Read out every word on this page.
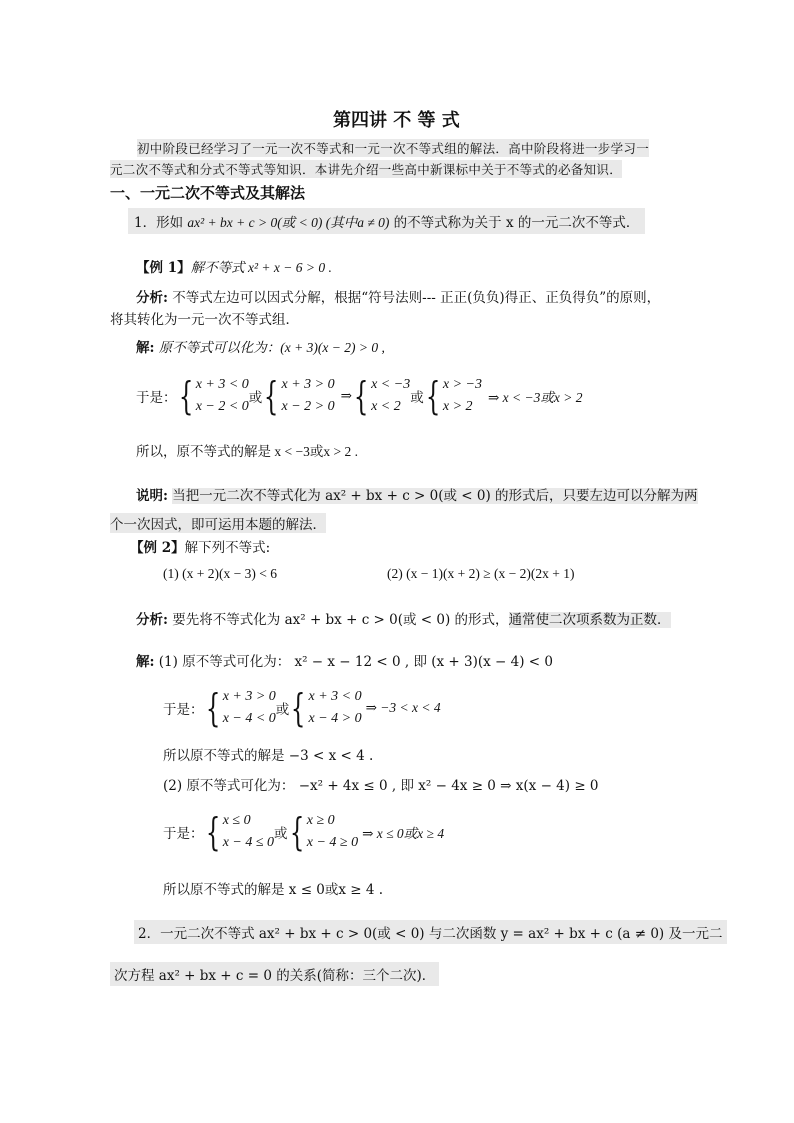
第四讲 不 等 式
初中阶段已经学习了一元一次不等式和一元一次不等式组的解法．高中阶段将进一步学习一
元二次不等式和分式不等式等知识．本讲先介绍一些高中新课标中关于不等式的必备知识．
一、一元二次不等式及其解法
1．形如 ax² + bx + c > 0(或 < 0) (其中a ≠ 0) 的不等式称为关于 x 的一元二次不等式．
【例 1】解不等式 x² + x − 6 > 0 .
分析: 不等式左边可以因式分解，根据“符号法则--- 正正(负负)得正、正负得负”的原则，
将其转化为一元一次不等式组．
解: 原不等式可以化为：(x + 3)(x − 2) > 0 ,
于是： { x + 3 < 0
x − 2 < 0
或 { x + 3 > 0
x − 2 > 0
⇒ { x < −3
x < 2
或 { x > −3
x > 2
⇒ x < −3或x > 2
所以，原不等式的解是 x < −3或x > 2 .
说明: 当把一元二次不等式化为 ax² + bx + c > 0(或 < 0) 的形式后，只要左边可以分解为两
个一次因式，即可运用本题的解法．
【例 2】解下列不等式:
(1) (x + 2)(x − 3) < 6	(2) (x − 1)(x + 2) ≥ (x − 2)(2x + 1)
分析: 要先将不等式化为 ax² + bx + c > 0(或 < 0) 的形式，通常使二次项系数为正数．
解: (1) 原不等式可化为： x² − x − 12 < 0 , 即 (x + 3)(x − 4) < 0
于是： { x + 3 > 0
x − 4 < 0
或 { x + 3 < 0
x − 4 > 0
⇒ −3 < x < 4
所以原不等式的解是 −3 < x < 4 .
(2) 原不等式可化为： −x² + 4x ≤ 0 , 即 x² − 4x ≥ 0 ⇒ x(x − 4) ≥ 0
于是： { x ≤ 0
x − 4 ≤ 0
或 { x ≥ 0
x − 4 ≥ 0
⇒ x ≤ 0或x ≥ 4
所以原不等式的解是 x ≤ 0或x ≥ 4 .
2．一元二次不等式 ax² + bx + c > 0(或 < 0) 与二次函数 y = ax² + bx + c (a ≠ 0) 及一元二
次方程 ax² + bx + c = 0 的关系(简称：三个二次)．
